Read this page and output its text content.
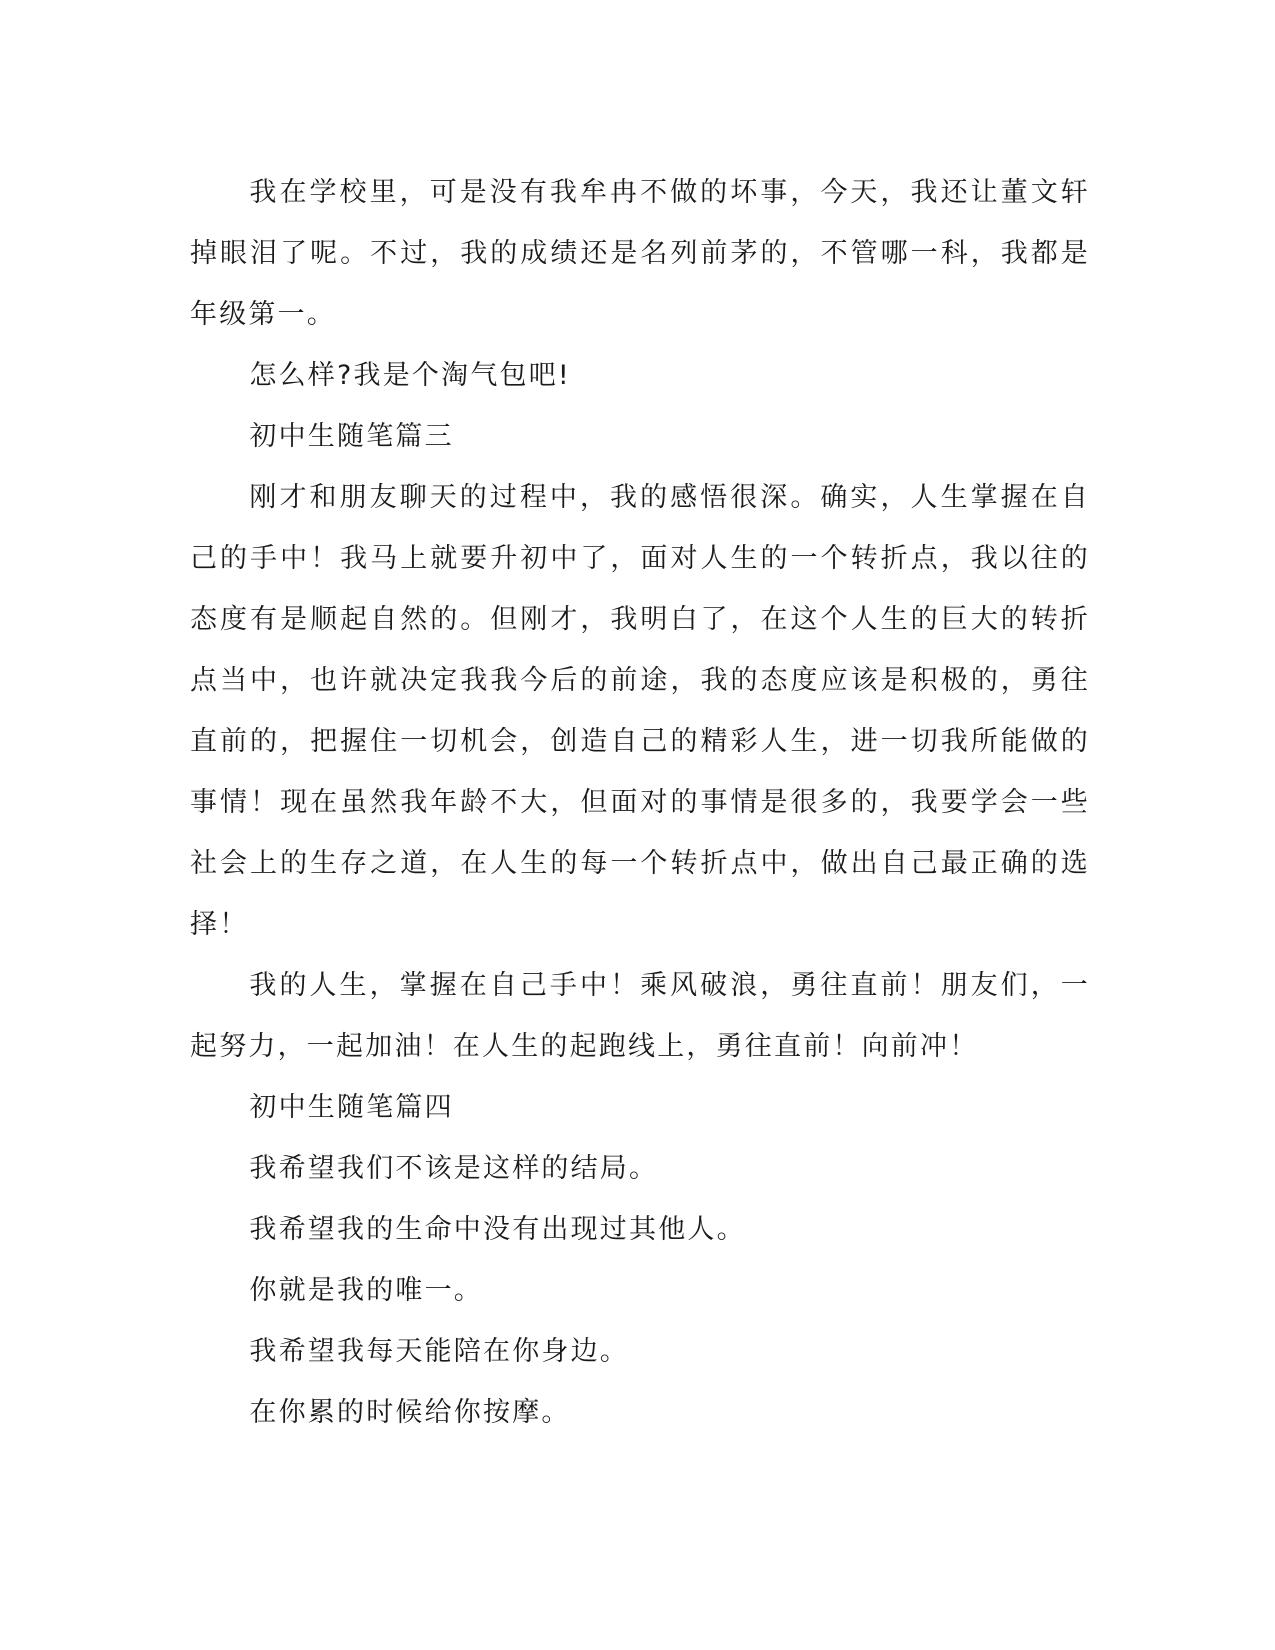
我在学校里，可是没有我牟冉不做的坏事，今天，我还让董文轩掉眼泪了呢。不过，我的成绩还是名列前茅的，不管哪一科，我都是年级第一。

怎么样?我是个淘气包吧!

初中生随笔篇三

刚才和朋友聊天的过程中，我的感悟很深。确实，人生掌握在自己的手中！我马上就要升初中了，面对人生的一个转折点，我以往的态度有是顺起自然的。但刚才，我明白了，在这个人生的巨大的转折点当中，也许就决定我我今后的前途，我的态度应该是积极的，勇往直前的，把握住一切机会，创造自己的精彩人生，进一切我所能做的事情！现在虽然我年龄不大，但面对的事情是很多的，我要学会一些社会上的生存之道，在人生的每一个转折点中，做出自己最正确的选择！

我的人生，掌握在自己手中！乘风破浪，勇往直前！朋友们，一起努力，一起加油！在人生的起跑线上，勇往直前！向前冲！

初中生随笔篇四

我希望我们不该是这样的结局。

我希望我的生命中没有出现过其他人。

你就是我的唯一。

我希望我每天能陪在你身边。

在你累的时候给你按摩。
